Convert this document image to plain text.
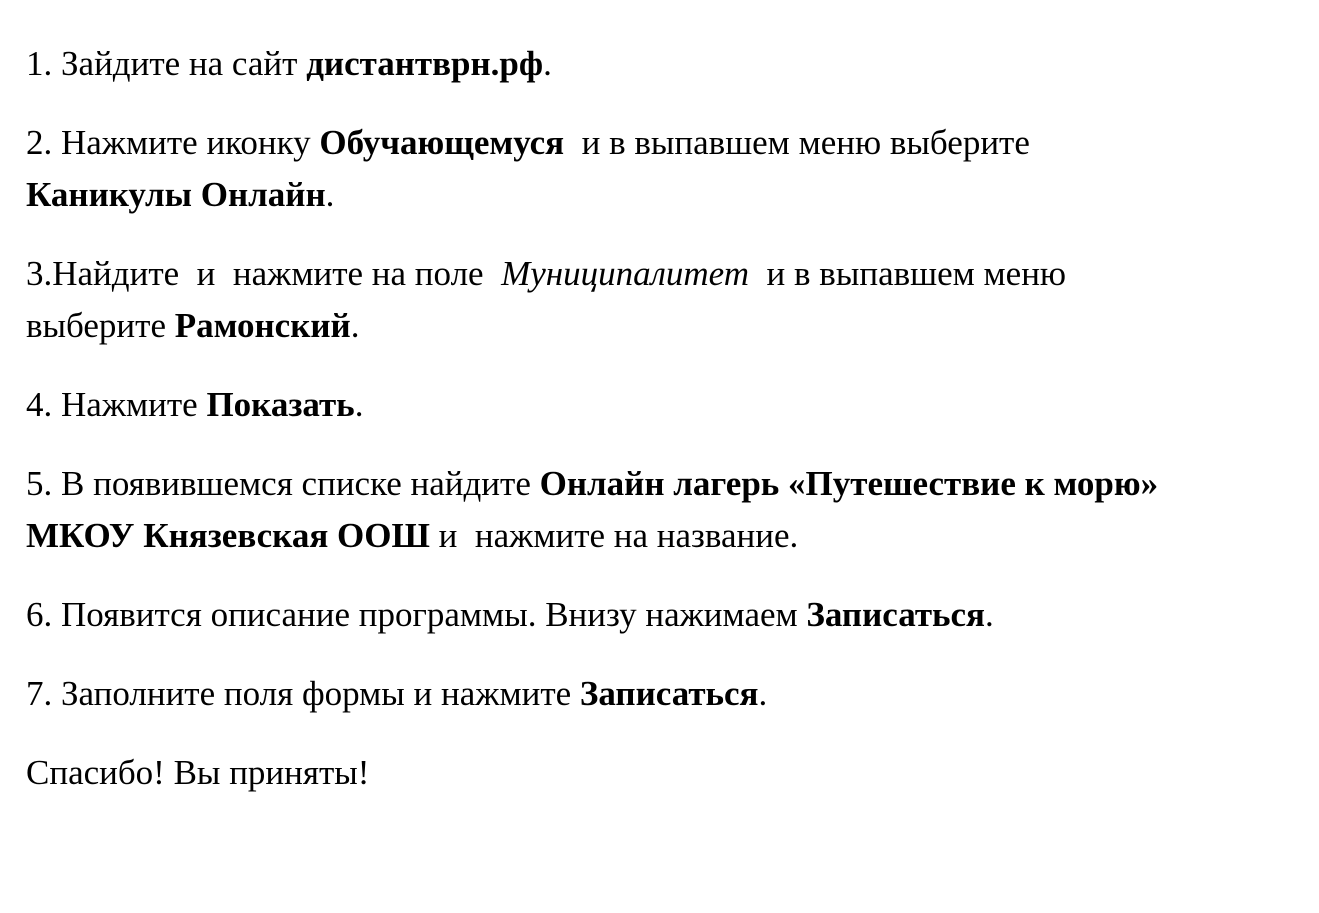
1. Зайдите на сайт дистантврн.рф.

2. Нажмите иконку Обучающемуся  и в выпавшем меню выберите
Каникулы Онлайн.

3.Найдите  и  нажмите на поле  Муниципалитет  и в выпавшем меню
выберите Рамонский.

4. Нажмите Показать.

5. В появившемся списке найдите Онлайн лагерь «Путешествие к морю»
МКОУ Князевская ООШ и  нажмите на название.

6. Появится описание программы. Внизу нажимаем Записаться.

7. Заполните поля формы и нажмите Записаться.

Спасибо! Вы приняты!
